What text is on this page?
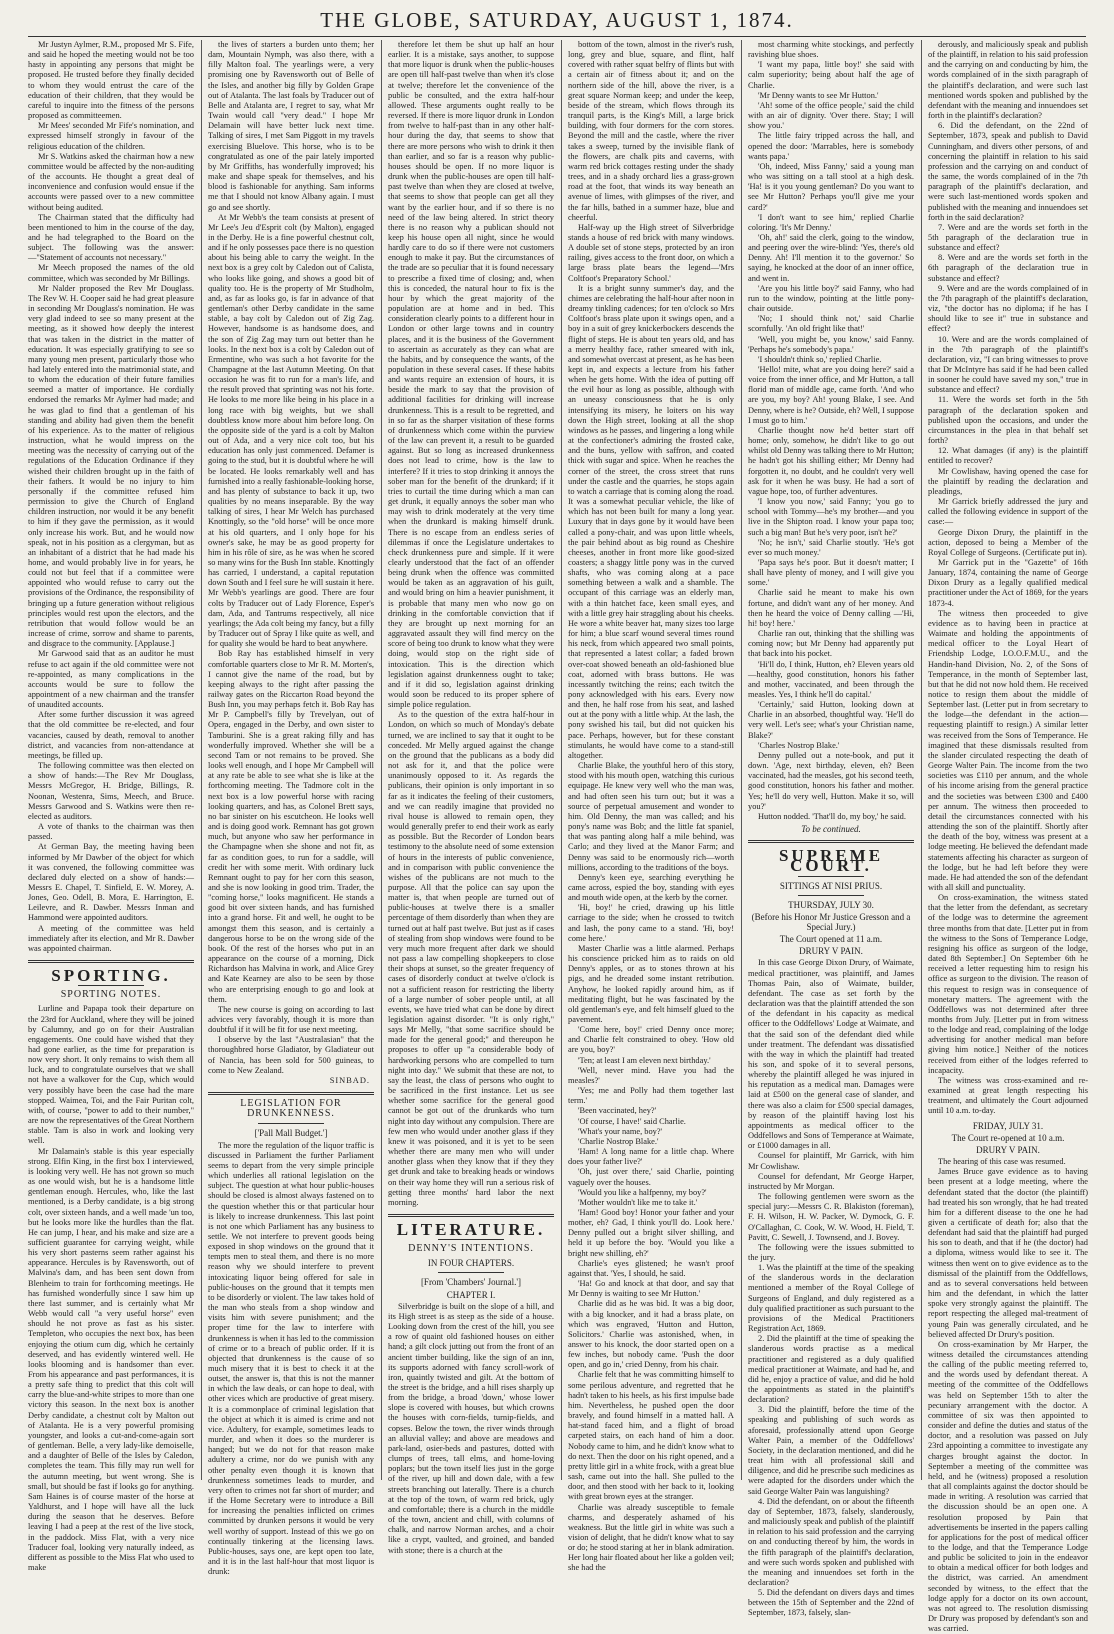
THE GLOBE, SATURDAY, AUGUST 1, 1874.

Mr Justyn Aylmer, R.M., proposed Mr S. Fife, and said he hoped the meeting would not be too hasty in appointing any persons that might be proposed. He trusted before they finally decided to whom they would entrust the care of the education of their children, that they would be careful to inquire into the fitness of the persons proposed as committeemen.

Mr Mees' seconded Mr Fife's nomination, and expressed himself strongly in favour of the religious education of the children.

Mr S. Watkins asked the chairman how a new committee would be affected by the non-auditing of the accounts. He thought a great deal of inconvenience and confusion would ensue if the accounts were passed over to a new committee without being audited.

The Chairman stated that the difficulty had been mentioned to him in the course of the day, and he had telegraphed to the Board on the subject. The following was the answer:—"Statement of accounts not necessary."

Mr Meech proposed the names of the old committee, which was seconded by Mr Billings.

Mr Nalder proposed the Rev Mr Douglass. The Rev W. H. Cooper said he had great pleasure in seconding Mr Douglass's nomination. He was very glad indeed to see so many present at the meeting, as it showed how deeply the interest that was taken in the district in the matter of education. It was especially gratifying to see so many young men present, particularly those who had lately entered into the matrimonial state, and to whom the education of their future families seemed a matter of importance. He cordially endorsed the remarks Mr Aylmer had made; and he was glad to find that a gentleman of his standing and ability had given them the benefit of his experience. As to the matter of religious instruction, what he would impress on the meeting was the necessity of carrying out of the regulations of the Education Ordinance if they wished their children brought up in the faith of their fathers. It would be no injury to him personally if the committee refused him permission to give the Church of England children instruction, nor would it be any benefit to him if they gave the permission, as it would only increase his work. But, and he would now speak, not in his position as a clergyman, but as an inhabitant of a district that he had made his home, and would probably live in for years, he could not but feel that if a committee were appointed who would refuse to carry out the provisions of the Ordinance, the responsibility of bringing up a future generation without religious principles would rest upon the electors, and the retribution that would follow would be an increase of crime, sorrow and shame to parents, and disgrace to the community. [Applause.]

Mr Garwood said that as an auditor he must refuse to act again if the old committee were not re-appointed, as many complications in the accounts would be sure to follow the appointment of a new chairman and the transfer of unaudited accounts.

After some further discussion it was agreed that the old committee be re-elected, and four vacancies, caused by death, removal to another district, and vacancies from non-attendance at meetings, be filled up.

The following committee was then elected on a show of hands:—The Rev Mr Douglass, Messrs McGregor, H. Bridge, Billings, R. Noonan, Westenra, Sims, Meech, and Bruce. Messrs Garwood and S. Watkins were then re-elected as auditors.

A vote of thanks to the chairman was then passed.

At German Bay, the meeting having been informed by Mr Dawber of the object for which it was convened, the following committee was declared duly elected on a show of hands:—Messrs E. Chapel, T. Sinfield, E. W. Morey, A. Jones, Geo. Odell, B. Mora, E. Harrington, E. Leilevre, and R. Dawber. Messrs Inman and Hammond were appointed auditors.

A meeting of the committee was held immediately after its election, and Mr R. Dawber was appointed chairman.

SPORTING.
SPORTING NOTES.

Lurline and Papapa took their departure on the 23rd for Auckland, where they will be joined by Calumny, and go on for their Australian engagements. One could have wished that they had gone earlier, as the time for preparation is now very short. It only remains to wish them all luck, and to congratulate ourselves that we shall not have a walkover for the Cup, which would very possibly have been the case had the mare stopped. Waimea, Toi, and the Fair Puritan colt, with, of course, "power to add to their number," are now the representatives of the Great Northern stable. Tam is also in work and looking very well.

Mr Dalamain's stable is this year especially strong. Elfin King, in the first box I interviewed, is looking very well. He has not grown so much as one would wish, but he is a handsome little gentleman enough. Hercules, who, like the last mentioned, is a Derby candidate, is a big strong colt, over sixteen hands, and a well made 'un too, but he looks more like the hurdles than the flat. He can jump, I hear, and his make and size are a sufficient guarantee for carrying weight, while his very short pasterns seem rather against his appearance. Hercules is by Ravensworth, out of Malvina's dam, and has been sent down from Blenheim to train for forthcoming meetings. He has furnished wonderfully since I saw him up there last summer, and is certainly what Mr Webb would call "a very useful horse" even should he not prove as fast as his sister. Templeton, who occupies the next box, has been enjoying the otium cum dig, which he certainly deserved, and has evidently wintered well. He looks blooming and is handsomer than ever. From his appearance and past performances, it is a pretty safe thing to predict that this colt will carry the blue-and-white stripes to more than one victory this season. In the next box is another Derby candidate, a chestnut colt by Malton out of Atalanta. He is a very powerful promising youngster, and looks a cut-and-come-again sort of gentleman. Belle, a very lady-like demoiselle, and a daughter of Belle of the Isles by Caledon, completes the team. This filly may run well for the autumn meeting, but went wrong. She is small, but should be fast if looks go for anything. Sam Haines is of course master of the horse at Yaldhurst, and I hope will have all the luck during the season that he deserves. Before leaving I had a peep at the rest of the live stock, in the paddock. Miss Flat, with a very nice Traducer foal, looking very naturally indeed, as different as possible to the Miss Flat who used to make

the lives of starters a burden unto them; her dam, Mountain Nymph, was also there, with a filly Malton foal. The yearlings were, a very promising one by Ravensworth out of Belle of the Isles, and another big filly by Golden Grape out of Atalanta. The last foals by Traducer out of Belle and Atalanta are, I regret to say, what Mr Twain would call "very dead." I hope Mr Delamain will have better luck next time. Talking of sires, I met Sam Piggott in my travels exercising Bluelove. This horse, who is to be congratulated as one of the pair lately imported by Mr Griffiths, has wonderfully improved; his make and shape speak for themselves, and his blood is fashionable for anything. Sam informs me that I should not know Albany again. I must go and see shortly.

At Mr Webb's the team consists at present of Mr Lee's Jeu d'Esprit colt (by Malton), engaged in the Derby. He is a fine powerful chestnut colt, and if he only possesses pace there is no question about his being able to carry the weight. In the next box is a grey colt by Caledon out of Calista, who looks like going, and shows a good bit of quality too. He is the property of Mr Studholm, and, as far as looks go, is far in advance of that gentleman's other Derby candidate in the same stable, a bay colt by Caledon out of Zig Zag. However, handsome is as handsome does, and the son of Zig Zag may turn out better than he looks. In the next box is a colt by Caledon out of Ermentine, who was such a hot favorite for the Champagne at the last Autumn Meeting. On that occasion he was fit to run for a man's life, and the result proved that sprinting was not his forte. He looks to me more like being in his place in a long race with big weights, but we shall doubtless know more about him before long. On the opposite side of the yard is a colt by Malton out of Ada, and a very nice colt too, but his education has only just commenced. Defamer is going to the stud, but it is doubtful where he will be located. He looks remarkably well and has furnished into a really fashionable-looking horse, and has plenty of substance to back it up, two qualities by no means inseparable. By the way talking of sires, I hear Mr Welch has purchased Knottingly, so the "old horse" will be once more at his old quarters, and I only hope for his owner's sake, he may be as good property for him in his rôle of sire, as he was when he scored so many wins for the Bush Inn stable. Knottingly has carried, I understand, a capital reputation down South and I feel sure he will sustain it here. Mr Webb's yearlings are good. There are four colts by Traducer out of Lady Florence, Esper's dam, Ada, and Tantrums respectively, all nice yearlings; the Ada colt being my fancy, but a filly by Traducer out of Spray I like quite as well, and for quality she would be hard to beat anywhere.

Bob Ray has established himself in very comfortable quarters close to Mr R. M. Morten's, I cannot give the name of the road, but by keeping always to the right after passing the railway gates on the Riccarton Road beyond the Bush Inn, you may perhaps fetch it. Bob Ray has Mr P. Campbell's filly by Trevelyan, out of Opera, engaged in the Derby, and own sister to Tamburini. She is a great raking filly and has wonderfully improved. Whether she will be a second Tam or not remains to be proved. She looks well enough, and I hope Mr Campbell will at any rate be able to see what she is like at the forthcoming meeting. The Tadmore colt in the next box is a low powerful horse with racing looking quarters, and has, as Colonel Brett says, no bar sinister on his escutcheon. He looks well and is doing good work. Remnant has got grown much, but anyone who saw her performance in the Champagne when she shone and not fit, as far as condition goes, to run for a saddle, will credit her with some merit. With ordinary luck Remnant ought to pay for her corn this season, and she is now looking in good trim. Trader, the "coming horse," looks magnificent. He stands a good bit over sixteen hands, and has furnished into a grand horse. Fit and well, he ought to be amongst them this season, and is certainly a dangerous horse to be on the wrong side of the book. Of the rest of the horses who put in an appearance on the course of a morning, Dick Richardson has Malvina in work, and Alice Grey and Kate Kearney are also to be seen by those who are enterprising enough to go and look at them.

The new course is going on according to last advices very favorably, though it is more than doubtful if it will be fit for use next meeting.

I observe by the last "Australasian" that the thoroughbred horse Gladiator, by Gladiateur out of Nancia, has been sold for 500 guineas, to come to New Zealand.

SINBAD.
LEGISLATION FOR DRUNKENNESS.
['Pall Mall Budget.']

The more the regulation of the liquor traffic is discussed in Parliament the further Parliament seems to depart from the very simple principle which underlies all rational legislation on the subject. The question at what hour public-houses should be closed is almost always fastened on to the question whether this or that particular hour is likely to increase drunkenness. This last point is not one which Parliament has any business to settle. We not interfere to prevent goods being exposed in shop windows on the ground that it tempts men to steal them, and there is no more reason why we should interfere to prevent intoxicating liquor being offered for sale in public-houses on the ground that it tempts men to be disorderly or violent. The law takes hold of the man who steals from a shop window and visits him with severe punishment; and the proper time for the law to interfere with drunkenness is when it has led to the commission of crime or to a breach of public order. If it is objected that drunkenness is the cause of so much misery that it is best to check it at the outset, the answer is, that this is not the manner in which the law deals, or can hope to deal, with other vices which are productive of great misery. It is a commonplace of criminal legislation that the object at which it is aimed is crime and not vice. Adultery, for example, sometimes leads to murder, and when it does so the murderer is hanged; but we do not for that reason make adultery a crime, nor do we punish with any other penalty even though it is known that drunkenness sometimes leads to murder, and very often to crimes not far short of murder; and if the Home Secretary were to introduce a Bill for increasing the penalties inflicted on crimes committed by drunken persons it would be very well worthy of support. Instead of this we go on continually tinkering at the licensing laws. Public-houses, says one, are kept open too late, and it is in the last half-hour that most liquor is drunk:

therefore let them be shut up half an hour earlier. It is a mistake, says another, to suppose that more liquor is drunk when the public-houses are open till half-past twelve than when it's close at twelve; therefore let the convenience of the public be consulted, and the extra half-hour allowed. These arguments ought really to be reversed. If there is more liquor drunk in London from twelve to half-past than in any other half-hour during the day, that seems to show that there are more persons who wish to drink it then than earlier, and so far is a reason why public-houses should be open. If no more liquor is drunk when the public-houses are open till half-past twelve than when they are closed at twelve, that seems to show that people can get all they want by the earlier hour, and if so there is no need of the law being altered. In strict theory there is no reason why a publican should not keep his house open all night, since he would hardly care to do so if there were not customers enough to make it pay. But the circumstances of the trade are so peculiar that it is found necessary to prescribe a fixed time of closing; and, when this is conceded, the natural hour to fix is the hour by which the great majority of the population are at home and in bed. This consideration clearly points to a different hour in London or other large towns and in country places, and it is the business of the Government to ascertain as accurately as they can what are the habits, and by consequence the wants, of the population in these several cases. If these habits and wants require an extension of hours, it is beside the mark to say that the provision of additional facilities for drinking will increase drunkenness. This is a result to be regretted, and in so far as the sharper visitation of these forms of drunkenness which come within the purview of the law can prevent it, a result to be guarded against. But so long as increased drunkenness does not lead to crime, how is the law to interfere? If it tries to stop drinking it annoys the sober man for the benefit of the drunkard; if it tries to curtail the time during which a man can get drunk, it equally annoys the sober man who may wish to drink moderately at the very time when the drunkard is making himself drunk. There is no escape from an endless series of dilemmas if once the Legislature undertakes to check drunkenness pure and simple. If it were clearly understood that the fact of an offender being drunk when the offence was committed would be taken as an aggravation of his guilt, and would bring on him a heavier punishment, it is probable that many men who now go on drinking in the comfortable conviction that if they are brought up next morning for an aggravated assault they will find mercy on the score of being too drunk to know what they were doing, would stop on the right side of intoxication. This is the direction which legislation against drunkenness ought to take; and if it did so, legislation against drinking would soon be reduced to its proper sphere of simple police regulation.

As to the question of the extra half-hour in London, on which so much of Monday's debate turned, we are inclined to say that it ought to be conceded. Mr Melly argued against the change on the ground that the publicans as a body did not ask for it, and that the police were unanimously opposed to it. As regards the publicans, their opinion is only important in so far as it indicates the feeling of their customers, and we can readily imagine that provided no rival house is allowed to remain open, they would generally prefer to end their work as early as possible. But the Recorder of London bears testimony to the absolute need of some extension of hours in the interests of public convenience, and in comparison with public convenience the wishes of the publicans are not much to the purpose. All that the police can say upon the matter is, that when people are turned out of public-houses at twelve there is a smaller percentage of them disorderly than when they are turned out at half past twelve. But just as if cases of stealing from shop windows were found to be very much more frequent after dark we should not pass a law compelling shopkeepers to close their shops at sunset, so the greater frequency of cases of disorderly conduct at twelve o'clock is not a sufficient reason for restricting the liberty of a large number of sober people until, at all events, we have tried what can be done by direct legislation against disorder. "It is only right," says Mr Melly, "that some sacrifice should be made for the general good;" and thereupon he proposes to offer up "a considerable body of hardworking persons who are compelled to turn night into day." We submit that these are not, to say the least, the class of persons who ought to be sacrificed in the first instance. Let us see whether some sacrifice for the general good cannot be got out of the drunkards who turn night into day without any compulsion. There are few men who would under another glass if they knew it was poisoned, and it is yet to be seen whether there are many men who will under another glass when they know that if they they get drunk and take to breaking heads or windows on their way home they will run a serious risk of getting three months' hard labor the next morning.

LITERATURE.
DENNY'S INTENTIONS.
IN FOUR CHAPTERS.
[From 'Chambers' Journal.']
CHAPTER I.

Silverbridge is built on the slope of a hill, and its High street is as steep as the side of a house. Looking down from the crest of the hill, you see a row of quaint old fashioned houses on either hand; a gilt clock jutting out from the front of an ancient timber building, like the sign of an inn, its supports adorned with fancy scroll-work of iron, quaintly twisted and gilt. At the bottom of the street is the bridge, and a hill rises sharply up from the bridge, a broad 'down,' whose lower slope is covered with houses, but which crowns the houses with corn-fields, turnip-fields, and copses. Below the town, the river winds through an alluvial valley; and above are meadows and park-land, osier-beds and pastures, dotted with clumps of trees, tall elms, and home-loving poplars; but the town itself lies just in the gorge of the river, up hill and down dale, with a few streets branching out laterally. There is a church at the top of the town, of warm red brick, ugly and comfortable; there is a church in the middle of the town, ancient and chill, with columns of chalk, and narrow Norman arches, and a choir like a crypt, vaulted, and groined, and banded with stone; there is a church at the

bottom of the town, almost in the river's rush, long, grey and blue, square, and flint, half covered with rather squat belfry of flints but with a certain air of fitness about it; and on the northern side of the hill, above the river, is a great square Norman keep; and under the keep, beside of the stream, which flows through its tranquil parts, is the King's Mill, a large brick building, with four dormers for the corn stores. Beyond the mill and the castle, where the river takes a sweep, turned by the invisible flank of the flowers, are chalk pits and caverns, with warm red brick cottages resting under the shady trees, and in a shady orchard lies a grass-grown road at the foot, that winds its way beneath an avenue of limes, with glimpses of the river, and the far hills, bathed in a summer haze, blue and cheerful.

Half-way up the High street of Silverbridge stands a house of red brick with many windows. A double set of stone steps, protected by an iron railing, gives access to the front door, on which a large brass plate bears the legend—'Mrs Coltfoot's Preparatory School.'

It is a bright sunny summer's day, and the chimes are celebrating the half-hour after noon in dreamy tinkling cadences; for ten o'clock so Mrs Coltfoot's brass plate upon it swings open, and a boy in a suit of grey knickerbockers descends the flight of steps. He is about ten years old, and has a merry healthy face, rather smeared with ink, and somewhat overcast at present, as he has been kept in, and expects a lecture from his father when he gets home. With the idea of putting off the evil hour as long as possible, although with an uneasy consciousness that he is only intensifying its misery, he loiters on his way down the High street, looking at all the shop windows as he passes, and lingering a long while at the confectioner's admiring the frosted cake, and the buns, yellow with saffron, and coated thick with sugar and spice. When he reaches the corner of the street, the cross street that runs under the castle and the quarries, he stops again to watch a carriage that is coming along the road. It was a somewhat peculiar vehicle, the like of which has not been built for many a long year. Luxury that in days gone by it would have been called a pony-chair, and was upon little wheels, the pair behind about as big round as Cheshire cheeses, another in front more like good-sized coasters; a shaggy little pony was in the curved shafts, who was coming along at a pace something between a walk and a shamble. The occupant of this carriage was an elderly man, with a thin hatchet face, keen small eyes, and with a little grey hair straggling about his cheeks. He wore a white beaver hat, many sizes too large for him; a blue scarf wound several times round his neck, from which appeared two small points, that represented a latest collar; a faded brown over-coat showed beneath an old-fashioned blue coat, adorned with brass buttons. He was incessantly twitching the reins; each twitch the pony acknowledged with his ears. Every now and then, he half rose from his seat, and lashed out at the pony with a little whip. At the lash, the pony swished his tail, but did not quicken his pace. Perhaps, however, but for these constant stimulants, he would have come to a stand-still altogether.

Charlie Blake, the youthful hero of this story, stood with his mouth open, watching this curious equipage. He knew very well who the man was, and had often seen his turn out; but it was a source of perpetual amusement and wonder to him. Old Denny, the man was called; and his pony's name was Bob; and the little fat spaniel, that was panting along half a mile behind, was Carlo; and they lived at the Manor Farm; and Denny was said to be enormously rich—worth millions, according to the traditions of the boys.

Denny's keen eye, searching everything he came across, espied the boy, standing with eyes and mouth wide open, at the kerb by the corner.

'Hi, boy!' he cried, drawing up his little carriage to the side; when he crossed to twitch and lash, the pony came to a stand. 'Hi, boy! come here.'

Master Charlie was a little alarmed. Perhaps his conscience pricked him as to raids on old Denny's apples, or as to stones thrown at his pigs, and he dreaded some instant retribution. Anyhow, he looked rapidly around him, as if meditating flight, but he was fascinated by the old gentleman's eye, and felt himself glued to the pavement.

'Come here, boy!' cried Denny once more; and Charlie felt constrained to obey. 'How old are you, boy?'

'Ten; at least I am eleven next birthday.'

'Well, never mind. Have you had the measles?'

'Yes; me and Polly had them together last term.'

'Been vaccinated, hey?'

'Of course, I have!' said Charlie.

'What's your name, boy?'

'Charlie Nostrop Blake.'

'Ham! A long name for a little chap. Where does your father live?'

'Oh, just over there,' said Charlie, pointing vaguely over the houses.

'Would you like a halfpenny, my boy?'

'Mother wouldn't like me to take it.'

'Ham! Good boy! Honor your father and your mother, eh? Gad, I think you'll do. Look here.' Denny pulled out a bright silver shilling, and held it up before the boy. 'Would you like a bright new shilling, eh?'

Charlie's eyes glistened; he wasn't proof against that. 'Yes, I should, he said.

'Ha! Go and knock at that door, and say that Mr Denny is waiting to see Mr Hutton.'

Charlie did as he was bid. It was a big door, with a big knocker, and it had a brass plate, on which was engraved, 'Hutton and Hutton, Solicitors.' Charlie was astonished, when, in answer to his knock, the door started open on a few inches, but nobody came. 'Push the door open, and go in,' cried Denny, from his chair.

Charlie felt that he was committing himself to some perilous adventure, and regretted that he hadn't taken to his heels, as his first impulse bade him. Nevertheless, he pushed open the door bravely, and found himself in a matted hall. A hat-stand faced him, and a flight of broad carpeted stairs, on each hand of him a door. Nobody came to him, and he didn't know what to do next. Then the door on his right opened, and a pretty little girl in a white frock, with a great blue sash, came out into the hall. She pulled to the door, and then stood with her back to it, looking with great brown eyes at the stranger.

Charlie was already susceptible to female charms, and desperately ashamed of his weakness. But the little girl in white was such a vision of delight, that he didn't know what to say or do; he stood staring at her in blank admiration. Her long hair floated about her like a golden veil; she had the

most charming white stockings, and perfectly ravishing blue shoes.

'I want my papa, little boy!' she said with calm superiority; being about half the age of Charlie.

'Mr Denny wants to see Mr Hutton.'

'Ah! some of the office people,' said the child with an air of dignity. 'Over there. Stay; I will show you.'

The little fairy tripped across the hall, and opened the door: 'Marrables, here is somebody wants papa.'

'Oh, indeed, Miss Fanny,' said a young man who was sitting on a tall stool at a high desk. 'Ha! is it you young gentleman? Do you want to see Mr Hutton? Perhaps you'll give me your card?'

'I don't want to see him,' replied Charlie coloring. 'It's Mr Denny.'

'Oh, ah!' said the clerk, going to the window, and peering over the wire-blind: 'Yes, there's old Denny. Ah! I'll mention it to the governor.' So saying, he knocked at the door of an inner office, and went in.

'Are you his little boy?' said Fanny, who had run to the window, pointing at the little pony-chair outside.

'No; I should think not,' said Charlie scornfully. 'An old fright like that!'

'Well, you might be, you know,' said Fanny. 'Perhaps he's somebody's papa.'

'I shouldn't think so,' replied Charlie.

'Hello! mite, what are you doing here?' said a voice from the inner office, and Mr Hutton, a tall florid man of middle age, came forth. 'And who are you, my boy? Ah! young Blake, I see. And Denny, where is he? Outside, eh? Well, I suppose I must go to him.'

Charlie thought now he'd better start off home; only, somehow, he didn't like to go out whilst old Denny was talking there to Mr Hutton; he hadn't got his shilling either; Mr Denny had forgotten it, no doubt, and he couldn't very well ask for it when he was busy. He had a sort of vague hope, too, of further adventures.

'I know you now,' said Fanny; 'you go to school with Tommy—he's my brother—and you live in the Shipton road. I know your papa too; such a big man! But he's very poor, isn't he?'

'No; he isn't,' said Charlie stoutly. 'He's got ever so much money.'

'Papa says he's poor. But it doesn't matter; I shall have plenty of money, and I will give you some.'

Charlie said he meant to make his own fortune, and didn't want any of her money. And then he heard the voice of Denny calling —'Hi, hi! boy! here.'

Charlie ran out, thinking that the shilling was coming now; but Mr Denny had apparently put that back into his pocket.

'Hi'll do, I think, Hutton, eh? Eleven years old—healthy, good constitution, honors his father and mother, vaccinated, and been through the measles. Yes, I think he'll do capital.'

'Certainly,' said Hutton, looking down at Charlie in an absorbed, thoughtful way. 'He'll do very well. Let's see; what's your Christian name, Blake?'

'Charles Nostrop Blake.'

Denny pulled out a note-book, and put it down. 'Age, next birthday, eleven, eh? Been vaccinated, had the measles, got his second teeth, good constitution, honors his father and mother. Yes; he'll do very well, Hutton. Make it so, will you?'

Hutton nodded. 'That'll do, my boy,' he said.

To be continued.
SUPREME COURT.
SITTINGS AT NISI PRIUS.
THURSDAY, JULY 30.
(Before his Honor Mr Justice Gresson and a Special Jury.)
The Court opened at 11 a.m.
DRURY V PAIN.

In this case George Dixon Drury, of Waimate, medical practitioner, was plaintiff, and James Thomas Pain, also of Waimate, builder, defendant. The case as set forth by the declaration was that the plaintiff attended the son of the defendant in his capacity as medical officer to the Oddfellows' Lodge at Waimate, and that the said son of the defendant died while under treatment. The defendant was dissatisfied with the way in which the plaintiff had treated his son, and spoke of it to several persons, whereby the plaintiff alleged he was injured in his reputation as a medical man. Damages were laid at £500 on the general case of slander, and there was also a claim for £500 special damages, by reason of the plaintiff having lost his appointments as medical officer to the Oddfellows and Sons of Temperance at Waimate, or £1000 damages in all.

Counsel for plaintiff, Mr Garrick, with him Mr Cowlishaw.

Counsel for defendant, Mr George Harper, instructed by Mr Morgan.

The following gentlemen were sworn as the special jury:—Messrs C. R. Blakiston (foreman), F. H. Wilson, H. W. Packer, W. Dymock, G. F. O'Callaghan, C. Cook, W. W. Wood, H. Field, T. Pavitt, C. Sewell, J. Townsend, and J. Bovey.

The following were the issues submitted to the jury.

1. Was the plaintiff at the time of the speaking of the slanderous words in the declaration mentioned a member of the Royal College of Surgeons of England, and duly registered as a duly qualified practitioner as such pursuant to the provisions of the Medical Practitioners Registration Act, 1869.

2. Did the plaintiff at the time of speaking the slanderous words practise as a medical practitioner and registered as a duly qualified medical practitioner at Waimate, and had he, and did he, enjoy a practice of value, and did he hold the appointments as stated in the plaintiff's declaration?

3. Did the plaintiff, before the time of the speaking and publishing of such words as aforesaid, professionally attend upon George Walter Pain, a member of the Oddfellows' Society, in the declaration mentioned, and did he treat him with all professional skill and diligence, and did he prescribe such medicines as were adapted for the disorders under which the said George Walter Pain was languishing?

4. Did the defendant, on or about the fifteenth day of September, 1873, falsely, slanderously, and maliciously speak and publish of the plaintiff in relation to his said profession and the carrying on and conducting thereof by him, the words in the fifth paragraph of the plaintiff's declaration, and were such words spoken and published with the meaning and innuendoes set forth in the declaration?

5. Did the defendant on divers days and times between the 15th of September and the 22nd of September, 1873, falsely, slan-

derously, and maliciously speak and publish of the plaintiff, in relation to his said profession and the carrying on and conducting by him, the words complained of in the sixth paragraph of the plaintiff's declaration, and were such last mentioned words spoken and published by the defendant with the meaning and innuendoes set forth in the plaintiff's declaration?

6. Did the defendant, on the 22nd of September, 1873, speak and publish to David Cunningham, and divers other persons, of and concerning the plaintiff in relation to his said profession and the carrying on and conduct of the same, the words complained of in the 7th paragraph of the plaintiff's declaration, and were such last-mentioned words spoken and published with the meaning and innuendoes set forth in the said declaration?

7. Were and are the words set forth in the 5th paragraph of the declaration true in substance and effect?

8. Were and are the words set forth in the 6th paragraph of the declaration true in substance and effect?

9. Were and are the words complained of in the 7th paragraph of the plaintiff's declaration, viz, "the doctor has no diploma; if he has I should like to see it" true in substance and effect?

10. Were and are the words complained of in the 7th paragraph of the plaintiff's declaration, viz, "I can bring witnesses to prove that Dr McIntyre has said if he had been called in sooner he could have saved my son," true in substance and effect?

11. Were the words set forth in the 5th paragraph of the declaration spoken and published upon the occasions, and under the circumstances in the plea in that behalf set forth?

12. What damages (if any) is the plaintiff entitled to recover?

Mr Cowlishaw, having opened the case for the plaintiff by reading the declaration and pleadings,

Mr Garrick briefly addressed the jury and called the following evidence in support of the case:—

George Dixon Drury, the plaintiff in the action, deposed to being a Member of the Royal College of Surgeons. (Certificate put in).

Mr Garrick put in the "Gazette" of 16th January, 1874, containing the name of George Dixon Drury as a legally qualified medical practitioner under the Act of 1869, for the years 1873-4.

The witness then proceeded to give evidence as to having been in practice at Waimate and holding the appointments of medical officer to the Loyal Heart of Friendship Lodge, I.O.O.F.M.U., and the Handin-hand Division, No. 2, of the Sons of Temperance, in the month of September last, but that he did not now hold them. He received notice to resign them about the middle of September last. (Letter put in from secretary to the lodge—the defendant in the action—requesting plaintiff to resign.) A similar letter was received from the Sons of Temperance. He imagined that these dismissals resulted from the slander circulated respecting the death of George Walter Pain. The income from the two societies was £110 per annum, and the whole of his income arising from the general practice and the societies was between £300 and £400 per annum. The witness then proceeded to detail the circumstances connected with his attending the son of the plaintiff. Shortly after the death of the boy, witness was present at a lodge meeting. He believed the defendant made statements affecting his character as surgeon of the lodge, but he had left before they were made. He had attended the son of the defendant with all skill and punctuality.

On cross-examination, the witness stated that the letter from the defendant, as secretary of the lodge was to determine the agreement three months from that date. [Letter put in from the witness to the Sons of Temperance Lodge, resigning his office as surgeon of the lodge, dated 8th September.] On September 6th he received a letter requesting him to resign his office as surgeon to the division. The reason of this request to resign was in consequence of monetary matters. The agreement with the Oddfellows was not determined after three months from July. [Letter put in from witness to the lodge and read, complaining of the lodge advertising for another medical man before giving him notice.] Neither of the notices received from either of the lodges referred to incapacity.

The witness was cross-examined and re-examined at great length respecting his treatment, and ultimately the Court adjourned until 10 a.m. to-day.

FRIDAY, JULY 31.
The Court re-opened at 10 a.m.
DRURY V PAIN.

The hearing of this case was resumed.

James Bruce gave evidence as to having been present at a lodge meeting, where the defendant stated that the doctor (the plaintiff) had treated his son wrongly, that he had treated him for a different disease to the one he had given a certificate of death for; also that the defendant had said that the plaintiff had purged his son to death, and that if he (the doctor) had a diploma, witness would like to see it. The witness then went on to give evidence as to the dismissal of the plaintiff from the Oddfellows, and as to several conversations held between him and the defendant, in which the latter spoke very strongly against the plaintiff. The report respecting the alleged mal-treatment of young Pain was generally circulated, and he believed affected Dr Drury's position.

On cross-examination by Mr Harper, the witness detailed the circumstances attending the calling of the public meeting referred to, and the words used by defendant thereat. A meeting of the committee of the Oddfellows was held on September 15th to alter the pecuniary arrangement with the doctor. A committee of six was then appointed to consider and define the duties and status of the doctor, and a resolution was passed on July 23rd appointing a committee to investigate any charges brought against the doctor. In September a meeting of the committee was held, and he (witness) proposed a resolution that all complaints against the doctor should be made in writing. A resolution was carried that the discussion should be an open one. A resolution proposed by Pain that advertisements be inserted in the papers calling for applications for the post of medical officer to the lodge, and that the Temperance Lodge and public be solicited to join in the endeavor to obtain a medical officer for both lodges and the district, was carried. An amendment seconded by witness, to the effect that the lodge apply for a doctor on its own account, was not agreed to. The resolution dismissing Dr Drury was proposed by defendant's son and was carried.
